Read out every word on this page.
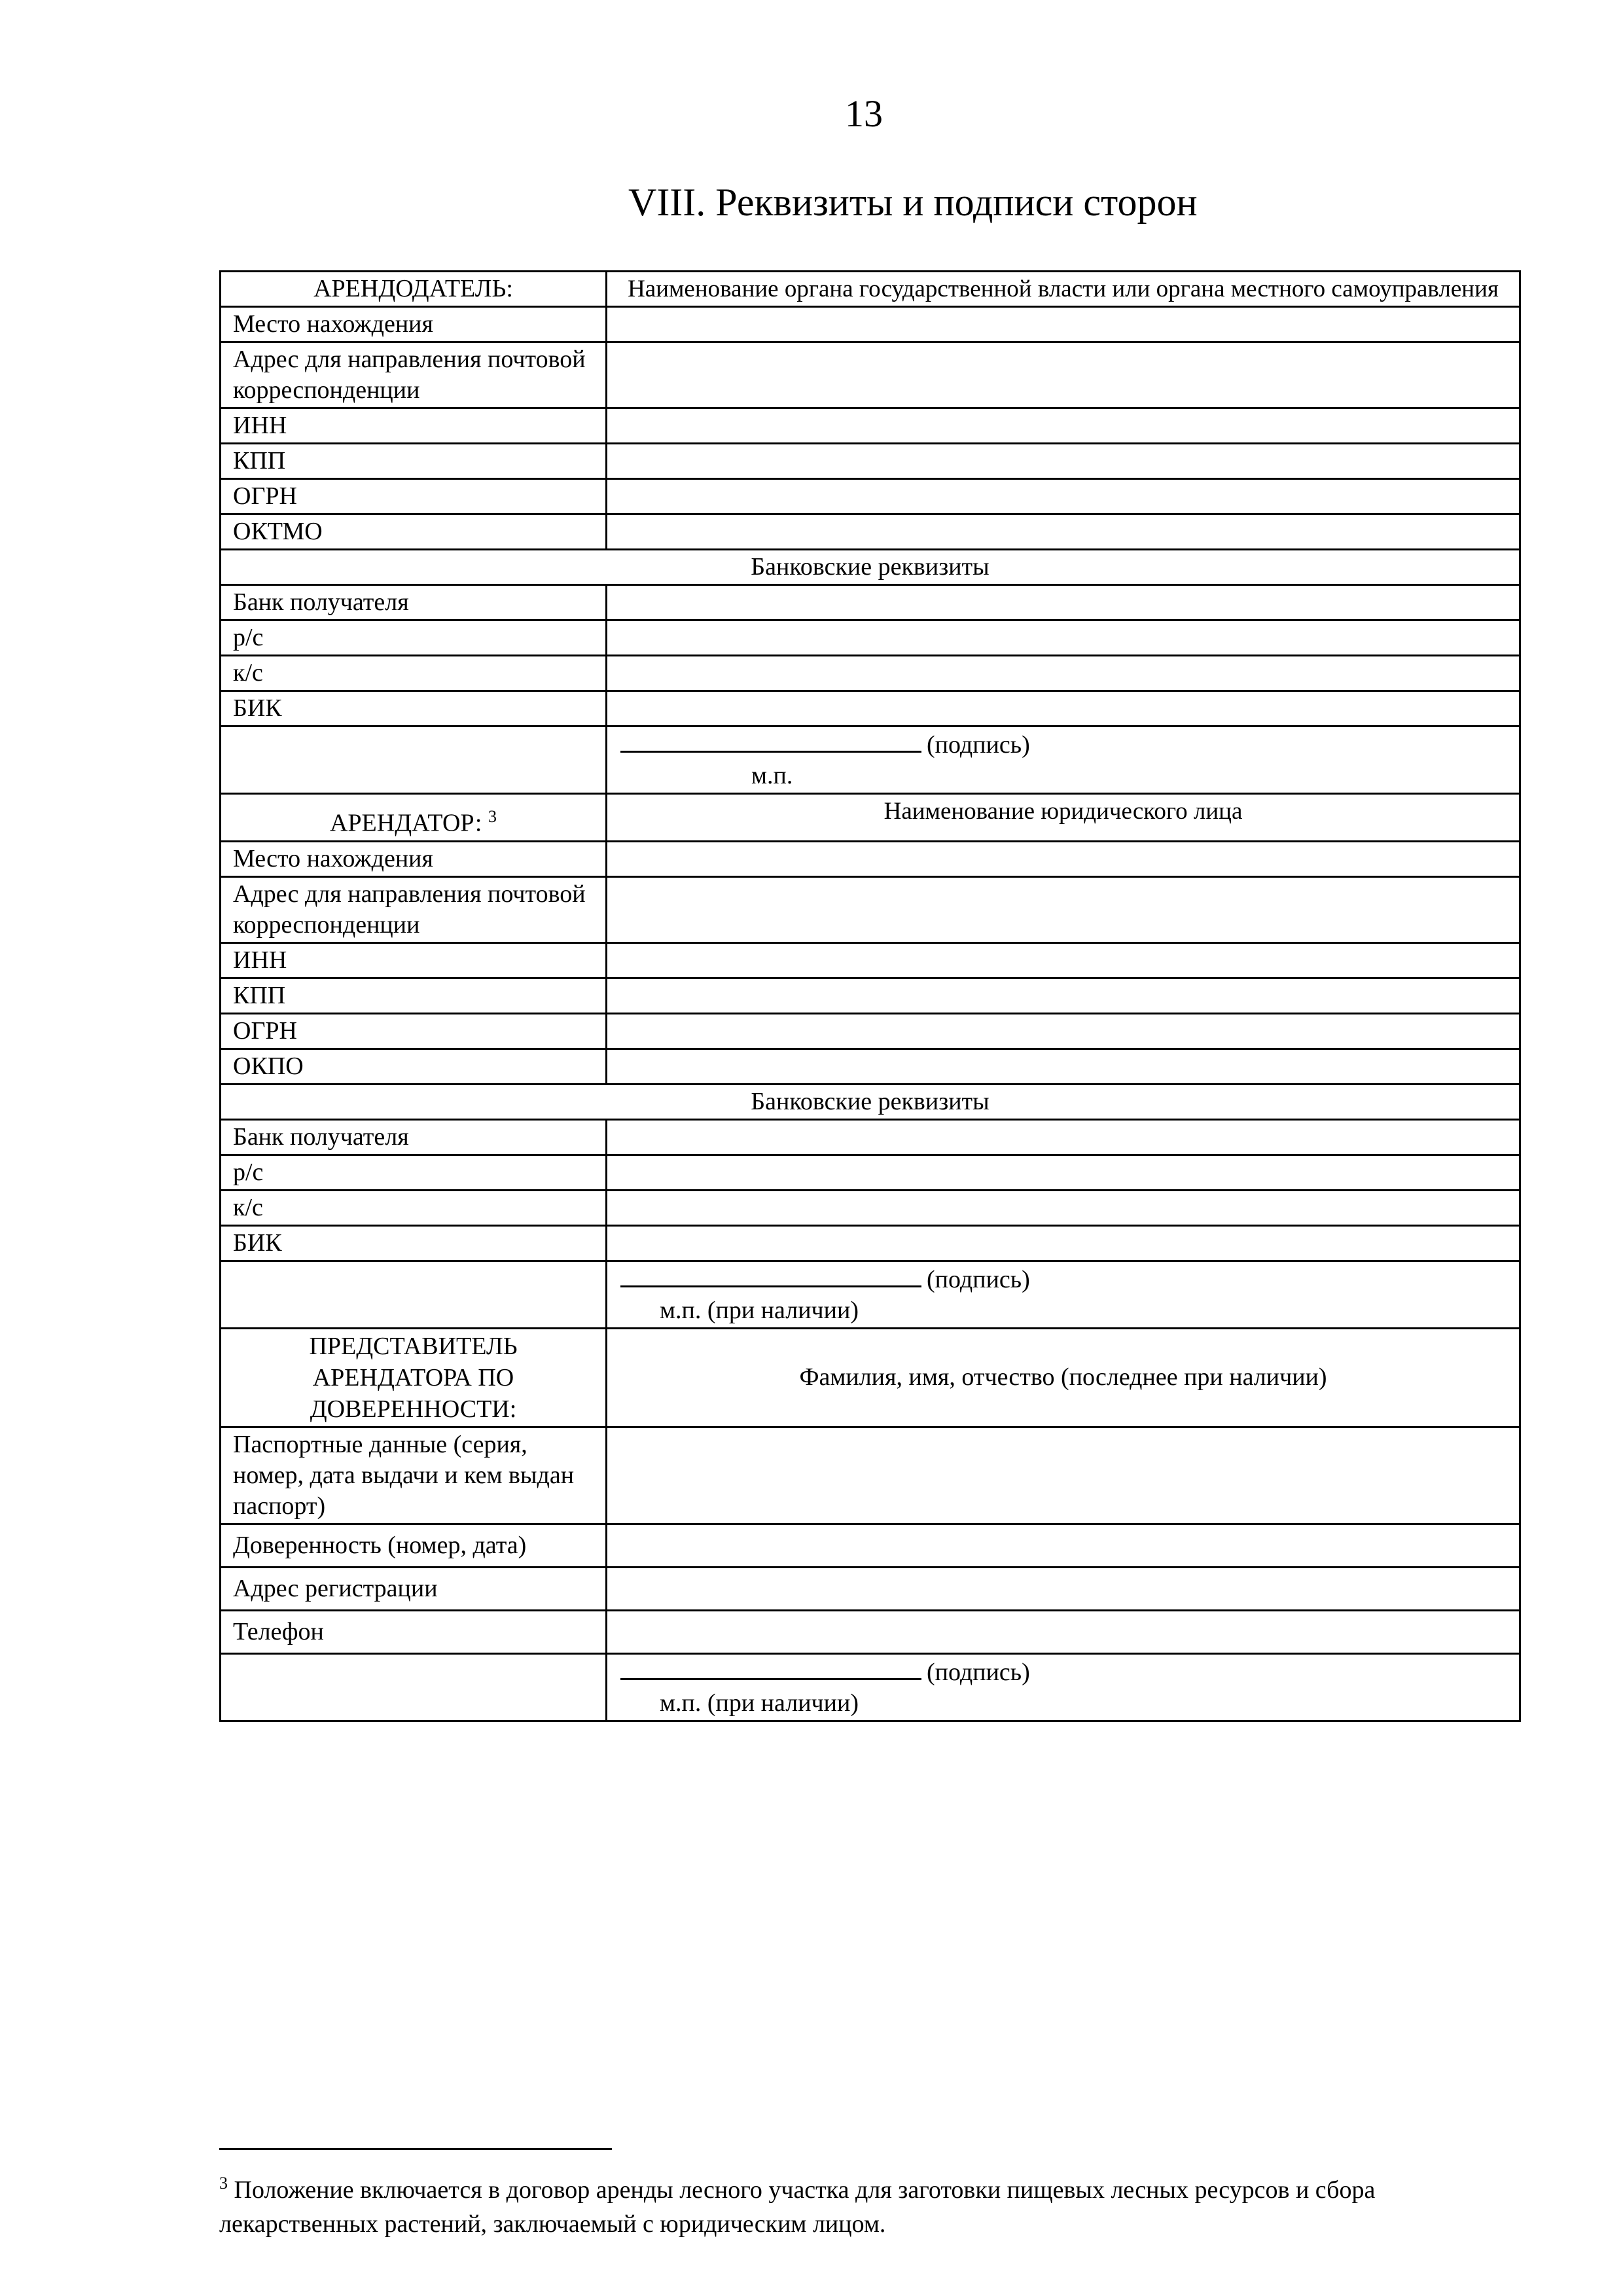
13
VIII. Реквизиты и подписи сторон
АРЕНДОДАТЕЛЬ:	Наименование органа государственной власти или органа местного самоуправления
Место нахождения	
Адрес для направления почтовой корреспонденции	
ИНН	
КПП	
ОГРН	
ОКТМО	
Банковские реквизиты	
Банк получателя	
р/с	
к/с	
БИК	

	(подпись)
м.п.

АРЕНДАТОР: $^3$	Наименование юридического лица
Место нахождения	
Адрес для направления почтовой корреспонденции	
ИНН	
КПП	
ОГРН	
ОКПО	
Банковские реквизиты	
Банк получателя	
р/с	
к/с	
БИК	

	(подпись)
м.п. (при наличии)

ПРЕДСТАВИТЕЛЬ АРЕНДАТОРА ПО ДОВЕРЕННОСТИ:	Фамилия, имя, отчество (последнее при наличии)
Паспортные данные (серия, номер, дата выдачи и кем выдан паспорт)	
Доверенность (номер, дата)	
Адрес регистрации	
Телефон	

	(подпись)
м.п. (при наличии)
$^3$ Положение включается в договор аренды лесного участка для заготовки пищевых лесных ресурсов и сбора лекарственных растений, заключаемый с юридическим лицом.
